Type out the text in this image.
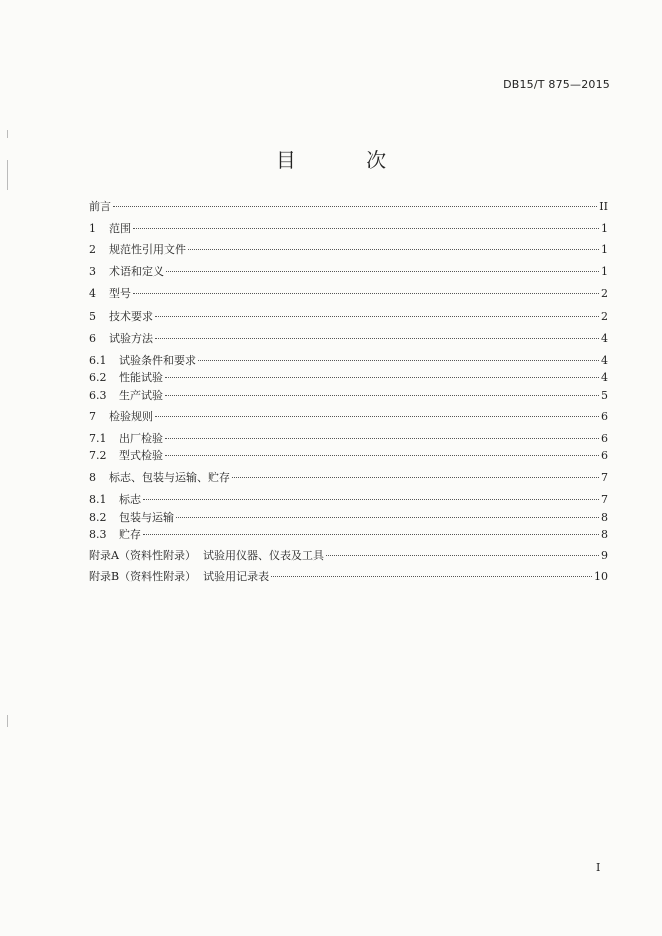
DB15/T 875—2015
目 次
前言	II
1	范围	1
2	规范性引用文件	1
3	术语和定义	1
4	型号	2
5	技术要求	2
6	试验方法	4
6.1	试验条件和要求	4
6.2	性能试验	4
6.3	生产试验	5
7	检验规则	6
7.1	出厂检验	6
7.2	型式检验	6
8	标志、包装与运输、贮存	7
8.1	标志	7
8.2	包装与运输	8
8.3	贮存	8
附录A （资料性附录）  试验用仪器、仪表及工具	9
附录B （资料性附录）  试验用记录表	10
I
